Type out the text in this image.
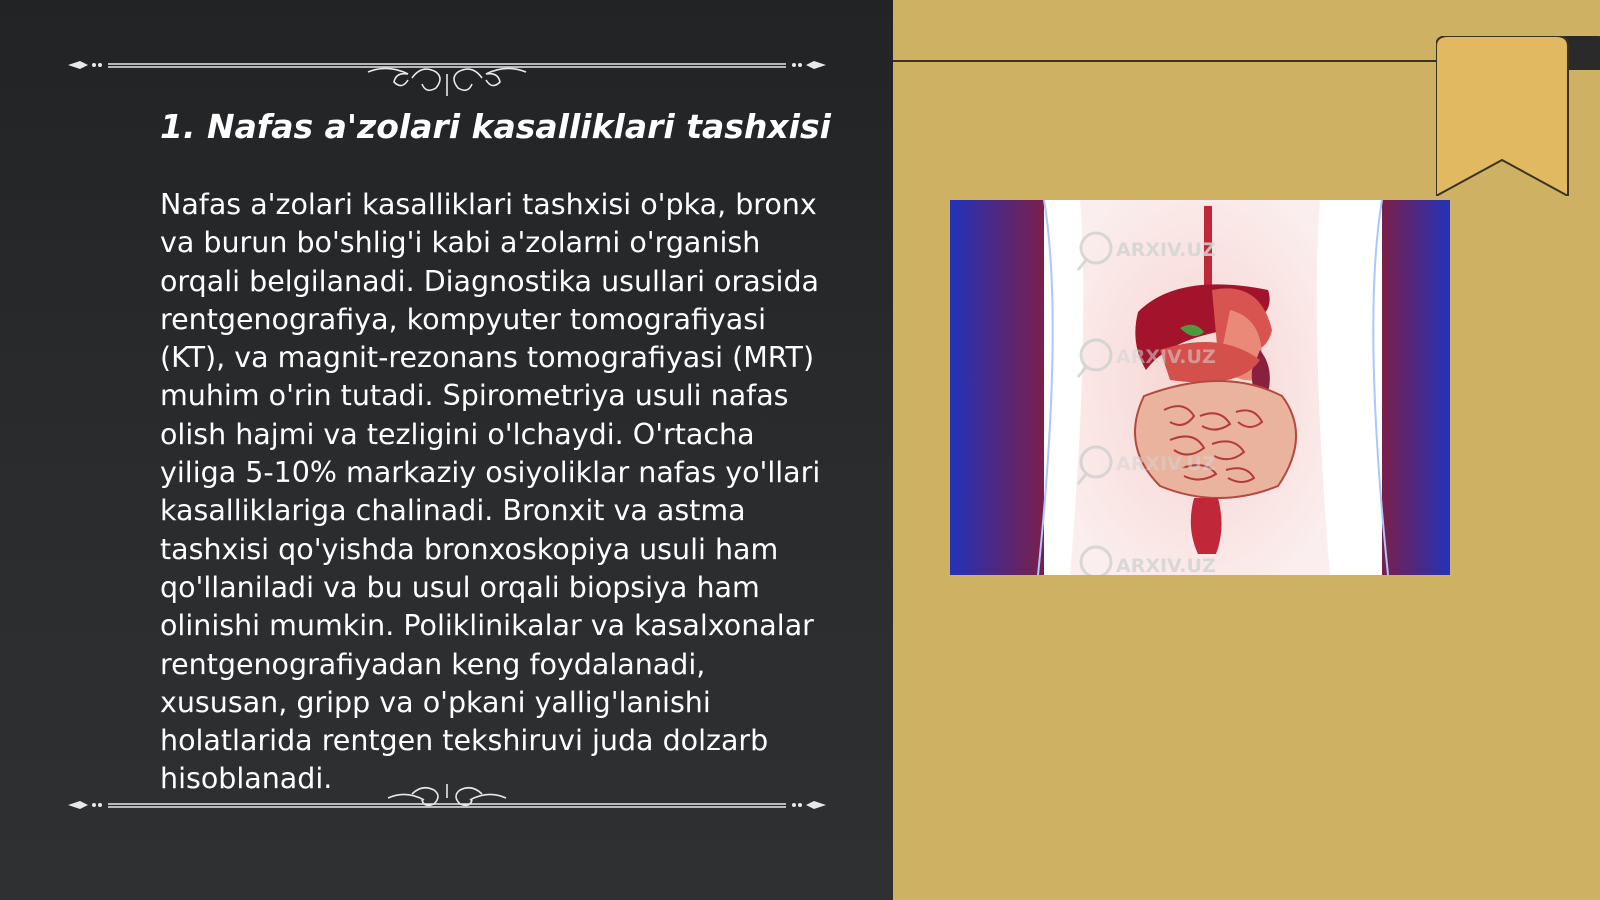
1. Nafas a'zolari kasalliklari tashxisi

Nafas a'zolari kasalliklari tashxisi o'pka, bronx va burun bo'shlig'i kabi a'zolarni o'rganish orqali belgilanadi. Diagnostika usullari orasida rentgenografiya, kompyuter tomografiyasi (KT), va magnit-rezonans tomografiyasi (MRT) muhim o'rin tutadi. Spirometriya usuli nafas olish hajmi va tezligini o'lchaydi. O'rtacha yiliga 5-10% markaziy osiyoliklar nafas yo'llari kasalliklariga chalinadi. Bronxit va astma tashxisi qo'yishda bronxoskopiya usuli ham qo'llaniladi va bu usul orqali biopsiya ham olinishi mumkin. Poliklinikalar va kasalxonalar rentgenografiyadan keng foydalanadi, xususan, gripp va o'pkani yallig'lanishi holatlarida rentgen tekshiruvi juda dolzarb hisoblanadi.

ARXIV.UZ
ARXIV.UZ
ARXIV.UZ
ARXIV.UZ
